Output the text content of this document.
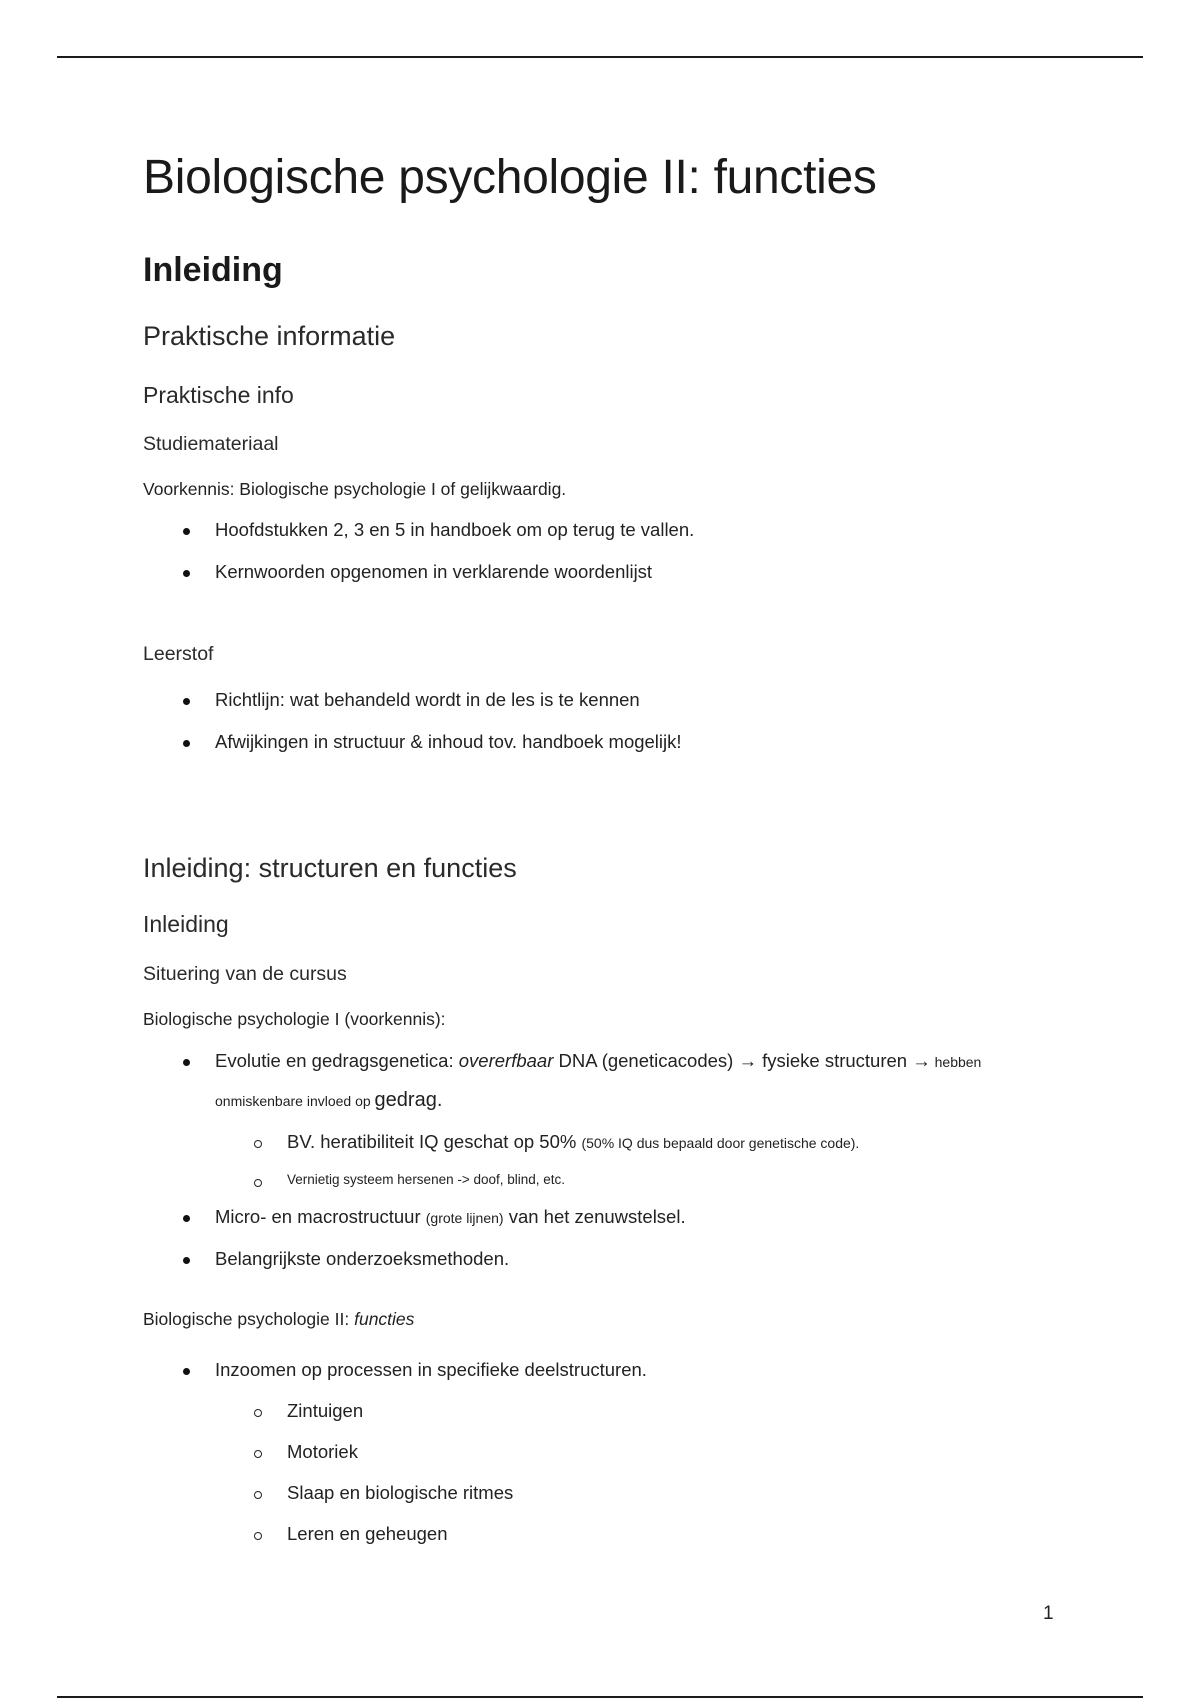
Biologische psychologie II: functies
Inleiding
Praktische informatie
Praktische info
Studiemateriaal
Voorkennis: Biologische psychologie I of gelijkwaardig.
Hoofdstukken 2, 3 en 5 in handboek om op terug te vallen.
Kernwoorden opgenomen in verklarende woordenlijst
Leerstof
Richtlijn: wat behandeld wordt in de les is te kennen
Afwijkingen in structuur & inhoud tov. handboek mogelijk!
Inleiding: structuren en functies
Inleiding
Situering van de cursus
Biologische psychologie I (voorkennis):
Evolutie en gedragsgenetica: overerfbaar DNA (geneticacodes) → fysieke structuren → hebben
onmiskenbare invloed op gedrag.
BV. heratibiliteit IQ geschat op 50% (50% IQ dus bepaald door genetische code).
Vernietig systeem hersenen -> doof, blind, etc.
Micro- en macrostructuur (grote lijnen) van het zenuwstelsel.
Belangrijkste onderzoeksmethoden.
Biologische psychologie II: functies
Inzoomen op processen in specifieke deelstructuren.
Zintuigen
Motoriek
Slaap en biologische ritmes
Leren en geheugen
1
